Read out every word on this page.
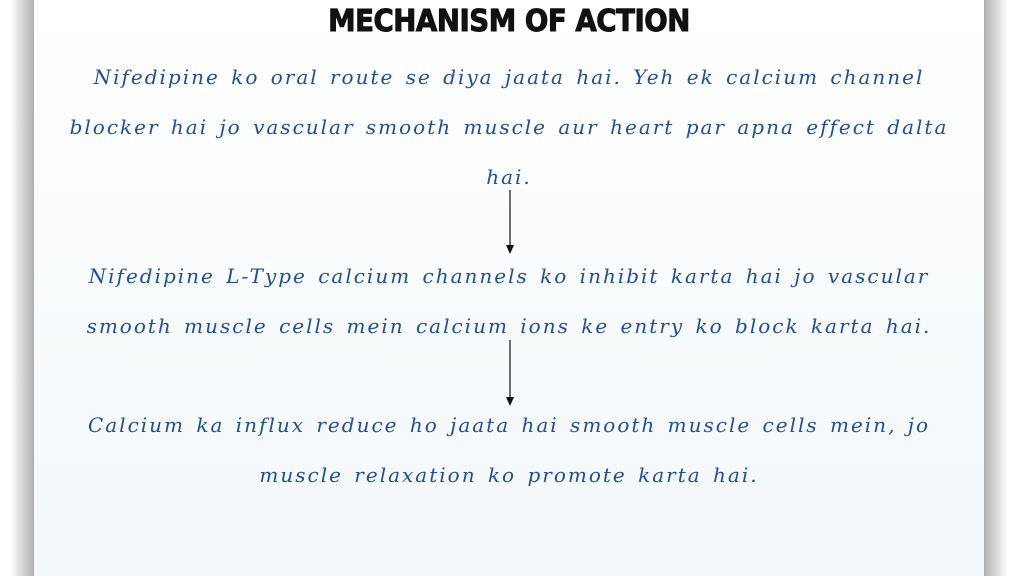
MECHANISM OF ACTION
Nifedipine ko oral route se diya jaata hai. Yeh ek calcium channel blocker hai jo vascular smooth muscle aur heart par apna effect dalta hai.
Nifedipine L-Type calcium channels ko inhibit karta hai jo vascular smooth muscle cells mein calcium ions ke entry ko block karta hai.
Calcium ka influx reduce ho jaata hai smooth muscle cells mein, jo muscle relaxation ko promote karta hai.
